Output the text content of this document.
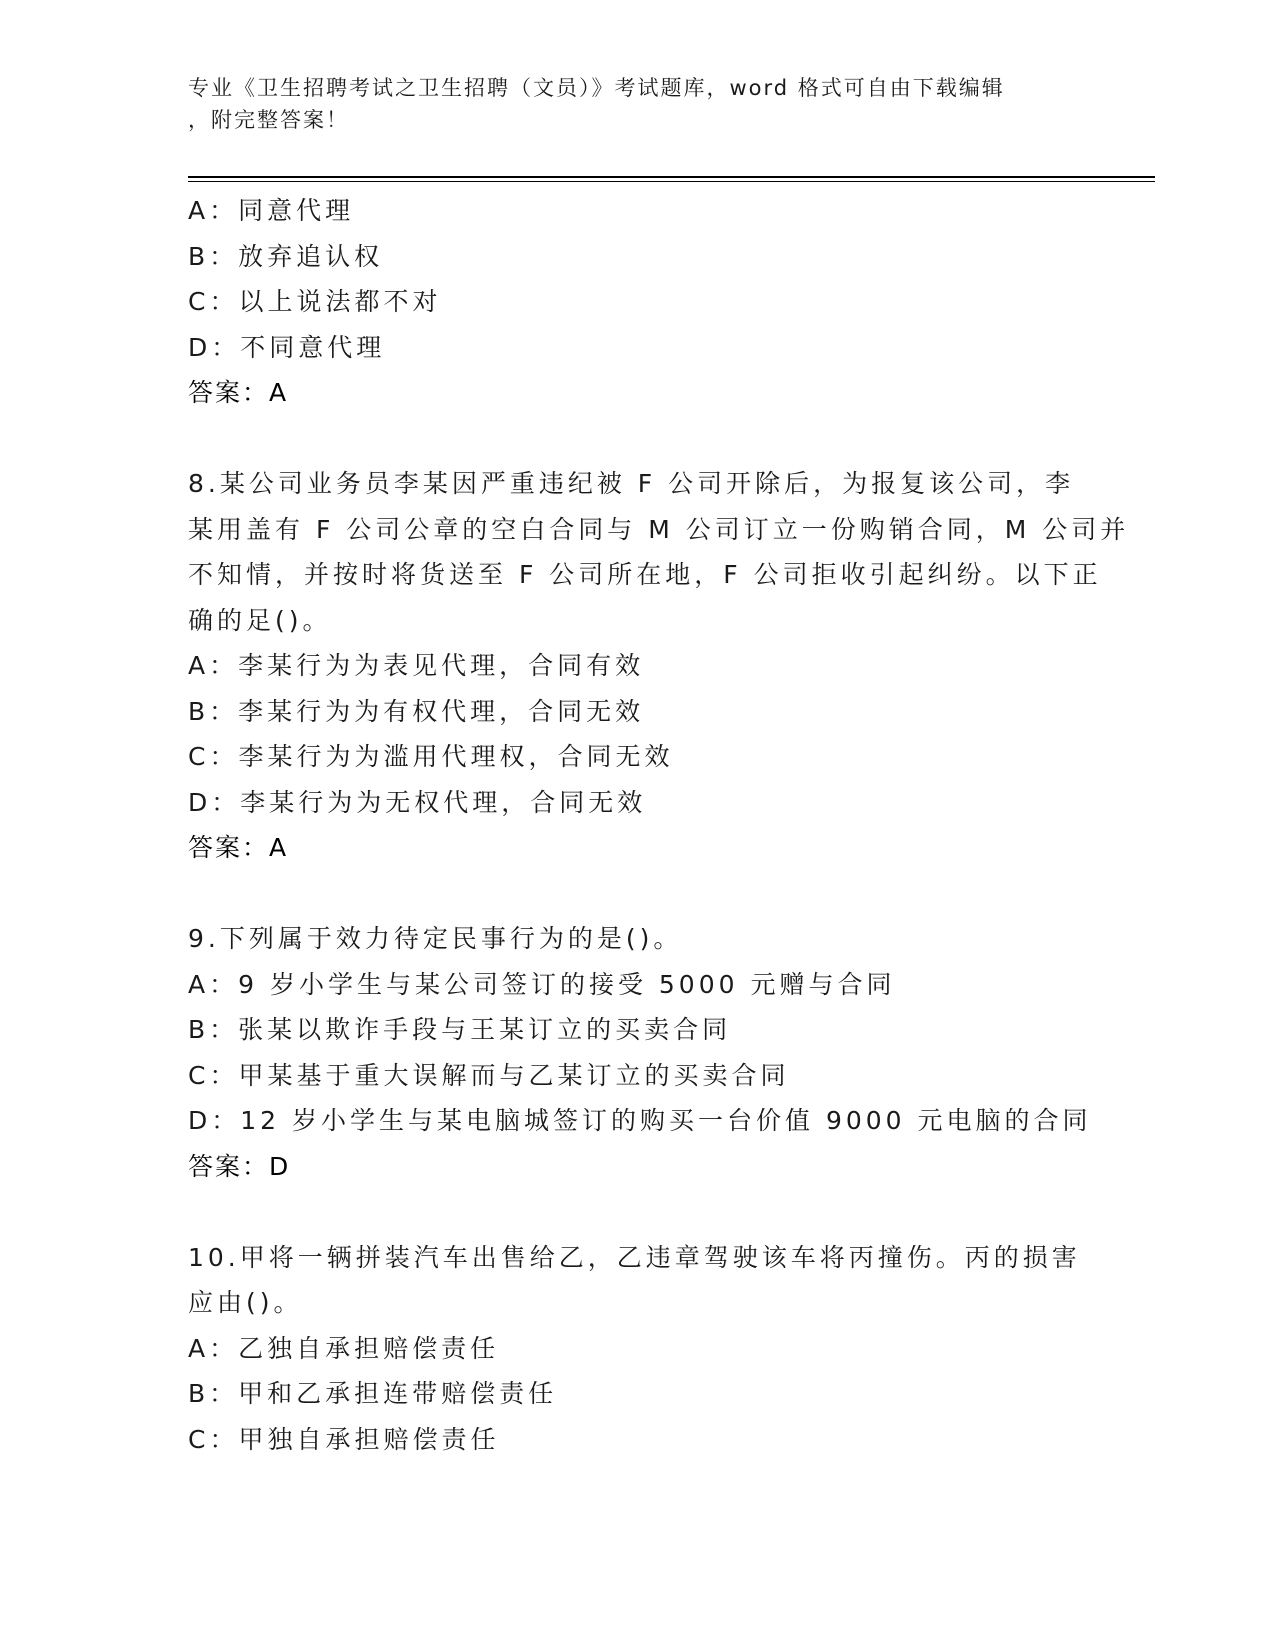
专业《卫生招聘考试之卫生招聘（文员）》考试题库，word 格式可自由下载编辑
，附完整答案！
A：同意代理
B：放弃追认权
C：以上说法都不对
D：不同意代理
答案：A
8.某公司业务员李某因严重违纪被 F 公司开除后，为报复该公司，李
某用盖有 F 公司公章的空白合同与 M 公司订立一份购销合同，M 公司并
不知情，并按时将货送至 F 公司所在地，F 公司拒收引起纠纷。以下正
确的足()。
A：李某行为为表见代理，合同有效
B：李某行为为有权代理，合同无效
C：李某行为为滥用代理权，合同无效
D：李某行为为无权代理，合同无效
答案：A
9.下列属于效力待定民事行为的是()。
A：9 岁小学生与某公司签订的接受 5000 元赠与合同
B：张某以欺诈手段与王某订立的买卖合同
C：甲某基于重大误解而与乙某订立的买卖合同
D：12 岁小学生与某电脑城签订的购买一台价值 9000 元电脑的合同
答案：D
10.甲将一辆拼装汽车出售给乙，乙违章驾驶该车将丙撞伤。丙的损害
应由()。
A：乙独自承担赔偿责任
B：甲和乙承担连带赔偿责任
C：甲独自承担赔偿责任
